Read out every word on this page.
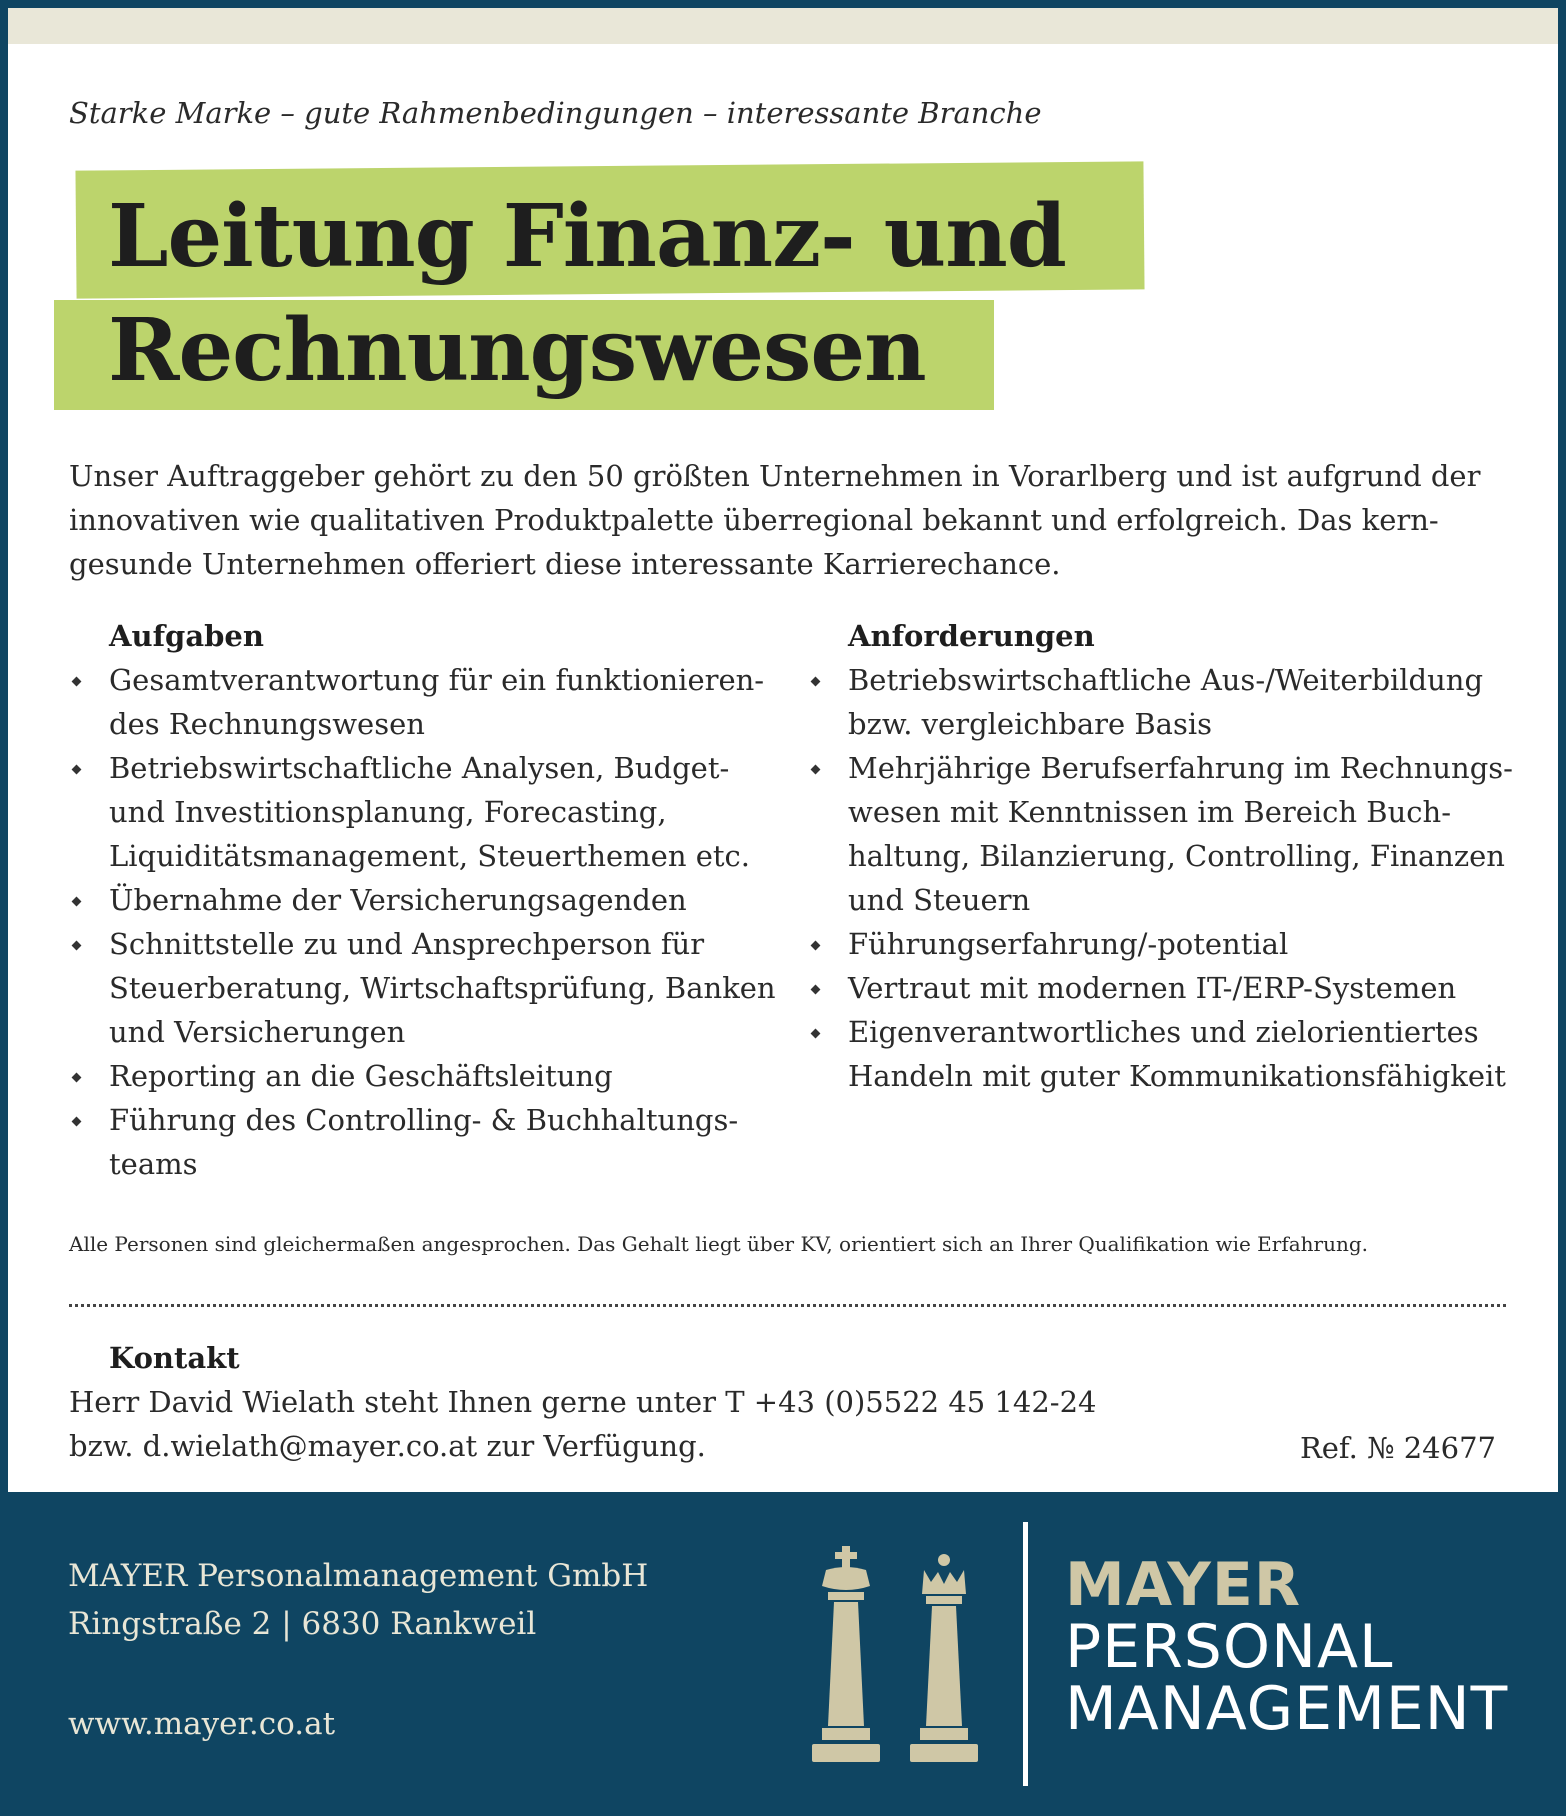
Starke Marke – gute Rahmenbedingungen – interessante Branche
Leitung Finanz- und
Rechnungswesen
Unser Auftraggeber gehört zu den 50 größten Unternehmen in Vorarlberg und ist aufgrund der
innovativen wie qualitativen Produktpalette überregional bekannt und erfolgreich. Das kern-
gesunde Unternehmen offeriert diese interessante Karrierechance.
Aufgaben
Gesamtverantwortung für ein funktionieren-
des Rechnungswesen
Betriebswirtschaftliche Analysen, Budget-
und Investitionsplanung, Forecasting,
Liquiditätsmanagement, Steuerthemen etc.
Übernahme der Versicherungsagenden
Schnittstelle zu und Ansprechperson für
Steuerberatung, Wirtschaftsprüfung, Banken
und Versicherungen
Reporting an die Geschäftsleitung
Führung des Controlling- & Buchhaltungs-
teams
Anforderungen
Betriebswirtschaftliche Aus-/Weiterbildung
bzw. vergleichbare Basis
Mehrjährige Berufserfahrung im Rechnungs-
wesen mit Kenntnissen im Bereich Buch-
haltung, Bilanzierung, Controlling, Finanzen
und Steuern
Führungserfahrung/-potential
Vertraut mit modernen IT-/ERP-Systemen
Eigenverantwortliches und zielorientiertes
Handeln mit guter Kommunikationsfähigkeit
Alle Personen sind gleichermaßen angesprochen. Das Gehalt liegt über KV, orientiert sich an Ihrer Qualifikation wie Erfahrung.
Kontakt
Herr David Wielath steht Ihnen gerne unter T +43 (0)5522 45 142-24
bzw. d.wielath@mayer.co.at zur Verfügung.	Ref. № 24677
MAYER Personalmanagement GmbH
Ringstraße 2 | 6830 Rankweil
www.mayer.co.at
MAYER
PERSONAL
MANAGEMENT
